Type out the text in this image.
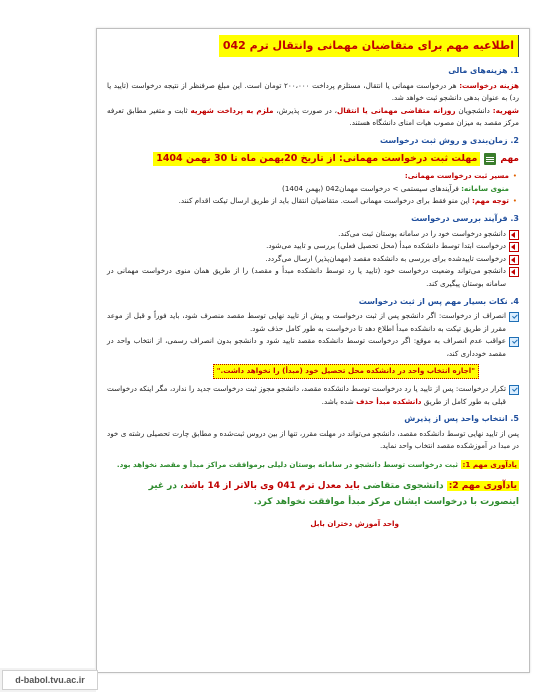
اطلاعیه مهم برای متقاضیان مهمانی وانتقال ترم 042
1. هزینه‌های مالی

هزینه درخواست: هر درخواست مهمانی یا انتقال، مستلزم پرداخت ۲۰۰،۰۰۰ تومان است. این مبلغ صرفنظر از نتیجه درخواست (تایید یا رد) به عنوان بدهی دانشجو ثبت خواهد شد.

شهریه: دانشجویان روزانه متقاضی مهمانی یا انتقال، در صورت پذیرش، ملزم به پرداخت شهریه ثابت و متغیر مطابق تعرفه مرکز مقصد به میزان مصوب هیات امنای دانشگاه هستند.

2. زمان‌بندی و روش ثبت درخواست
مهم
مهلت ثبت درخواست مهمانی: از تاریخ 20بهمن ماه تا 30 بهمن 1404
• مسیر ثبت درخواست مهمانی:
منوی سامانه: فرآیندهای سیستمی > درخواست مهمان042 (بهمن 1404)
• توجه مهم: این منو فقط برای درخواست مهمانی است. متقاضیان انتقال باید از طریق ارسال تیکت اقدام کنند.
3. فرآیند بررسی درخواست
دانشجو درخواست خود را در سامانه بوستان ثبت می‌کند.
درخواست ابتدا توسط دانشکده مبدأ (محل تحصیل فعلی) بررسی و تایید می‌شود.
درخواست تاییدشده برای بررسی به دانشکده مقصد (مهمان‌پذیر) ارسال می‌گردد.
دانشجو می‌تواند وضعیت درخواست خود (تایید یا رد توسط دانشکده مبدأ و مقصد) را از طریق همان منوی درخواست مهمانی در سامانه بوستان پیگیری کند.
4. نکات بسیار مهم پس از ثبت درخواست
انصراف از درخواست: اگر دانشجو پس از ثبت درخواست و پیش از تایید نهایی توسط مقصد منصرف شود، باید فوراً و قبل از موعد مقرر از طریق تیکت به دانشکده مبدأ اطلاع دهد تا درخواست به طور کامل حذف شود.
عواقب عدم انصراف به موقع: اگر درخواست توسط دانشکده مقصد تایید شود و دانشجو بدون انصراف رسمی، از انتخاب واحد در مقصد خودداری کند،
"اجازه انتخاب واحد در دانشکده محل تحصیل خود (مبدأ) را نخواهد داشت."
تکرار درخواست: پس از تایید یا رد درخواست توسط دانشکده مقصد، دانشجو مجوز ثبت درخواست جدید را ندارد، مگر اینکه درخواست قبلی به طور کامل از طریق دانشکده مبدأ حذف شده باشد.
5. انتخاب واحد پس از پذیرش

پس از تایید نهایی توسط دانشکده مقصد، دانشجو می‌تواند در مهلت مقرر، تنها از بین دروس ثبت‌شده و مطابق چارت تحصیلی رشته ی خود در مبدا در آموزشکده مقصد انتخاب واحد نماید.

یادآوری مهم 1: ثبت درخواست توسط دانشجو در سامانه بوستان دلیلی برموافقت مراکز مبدأ و مقصد نخواهد بود.

یادآوری مهم 2: دانشجوی متقاضی باید معدل ترم 041 وی بالاتر از 14 باشد، در غیر اینصورت با درخواست ایشان مرکز مبدأ موافقت نخواهد کرد.

واحد آموزش دختران بابل
d-babol.tvu.ac.ir
